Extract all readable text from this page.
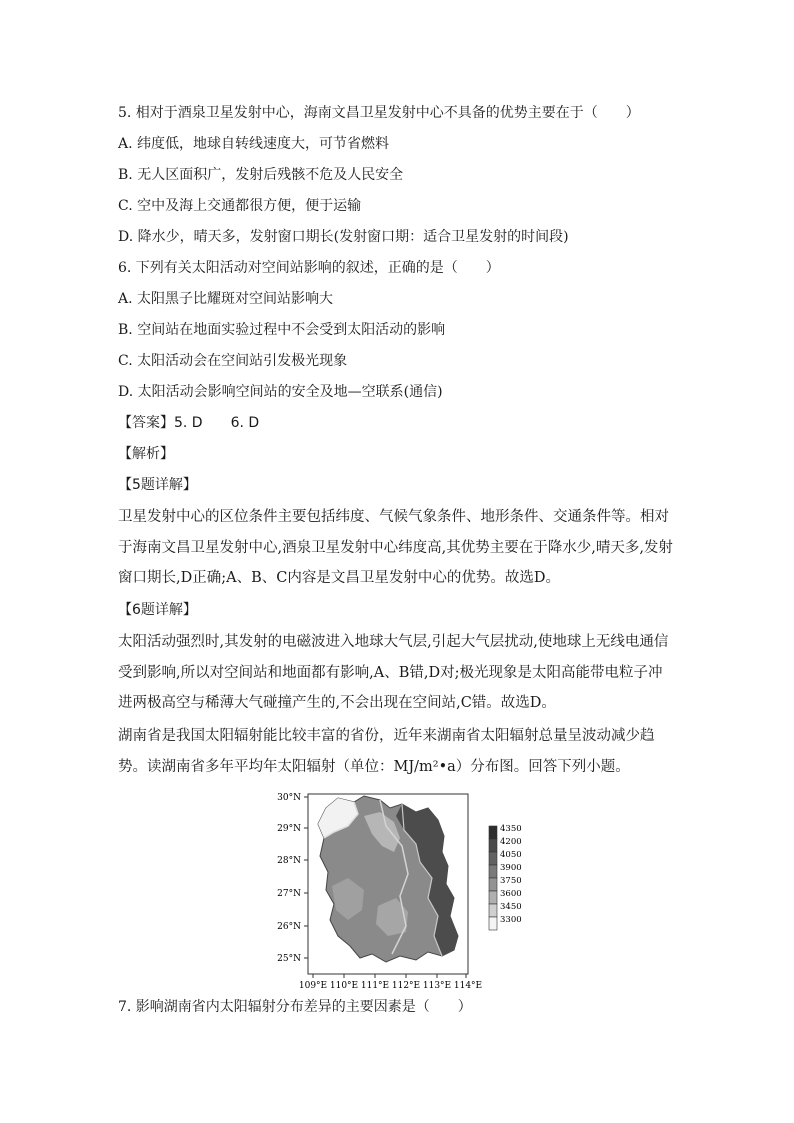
5. 相对于酒泉卫星发射中心，海南文昌卫星发射中心不具备的优势主要在于（　　）
A. 纬度低，地球自转线速度大，可节省燃料
B. 无人区面积广，发射后残骸不危及人民安全
C. 空中及海上交通都很方便，便于运输
D. 降水少，晴天多，发射窗口期长(发射窗口期：适合卫星发射的时间段)
6. 下列有关太阳活动对空间站影响的叙述，正确的是（　　）
A. 太阳黑子比耀斑对空间站影响大
B. 空间站在地面实验过程中不会受到太阳活动的影响
C. 太阳活动会在空间站引发极光现象
D. 太阳活动会影响空间站的安全及地—空联系(通信)
【答案】5. D　　6. D
【解析】
【5题详解】
卫星发射中心的区位条件主要包括纬度、气候气象条件、地形条件、交通条件等。相对于海南文昌卫星发射中心,酒泉卫星发射中心纬度高,其优势主要在于降水少,晴天多,发射窗口期长,D正确;A、B、C内容是文昌卫星发射中心的优势。故选D。
【6题详解】
太阳活动强烈时,其发射的电磁波进入地球大气层,引起大气层扰动,使地球上无线电通信受到影响,所以对空间站和地面都有影响,A、B错,D对;极光现象是太阳高能带电粒子冲进两极高空与稀薄大气碰撞产生的,不会出现在空间站,C错。故选D。
湖南省是我国太阳辐射能比较丰富的省份，近年来湖南省太阳辐射总量呈波动减少趋势。读湖南省多年平均年太阳辐射（单位：MJ/m²•a）分布图。回答下列小题。
30°N
29°N
28°N
27°N
26°N
25°N
109°E 110°E 111°E 112°E 113°E 114°E
4350
4200
4050
3900
3750
3600
3450
3300
7. 影响湖南省内太阳辐射分布差异的主要因素是（　　）
